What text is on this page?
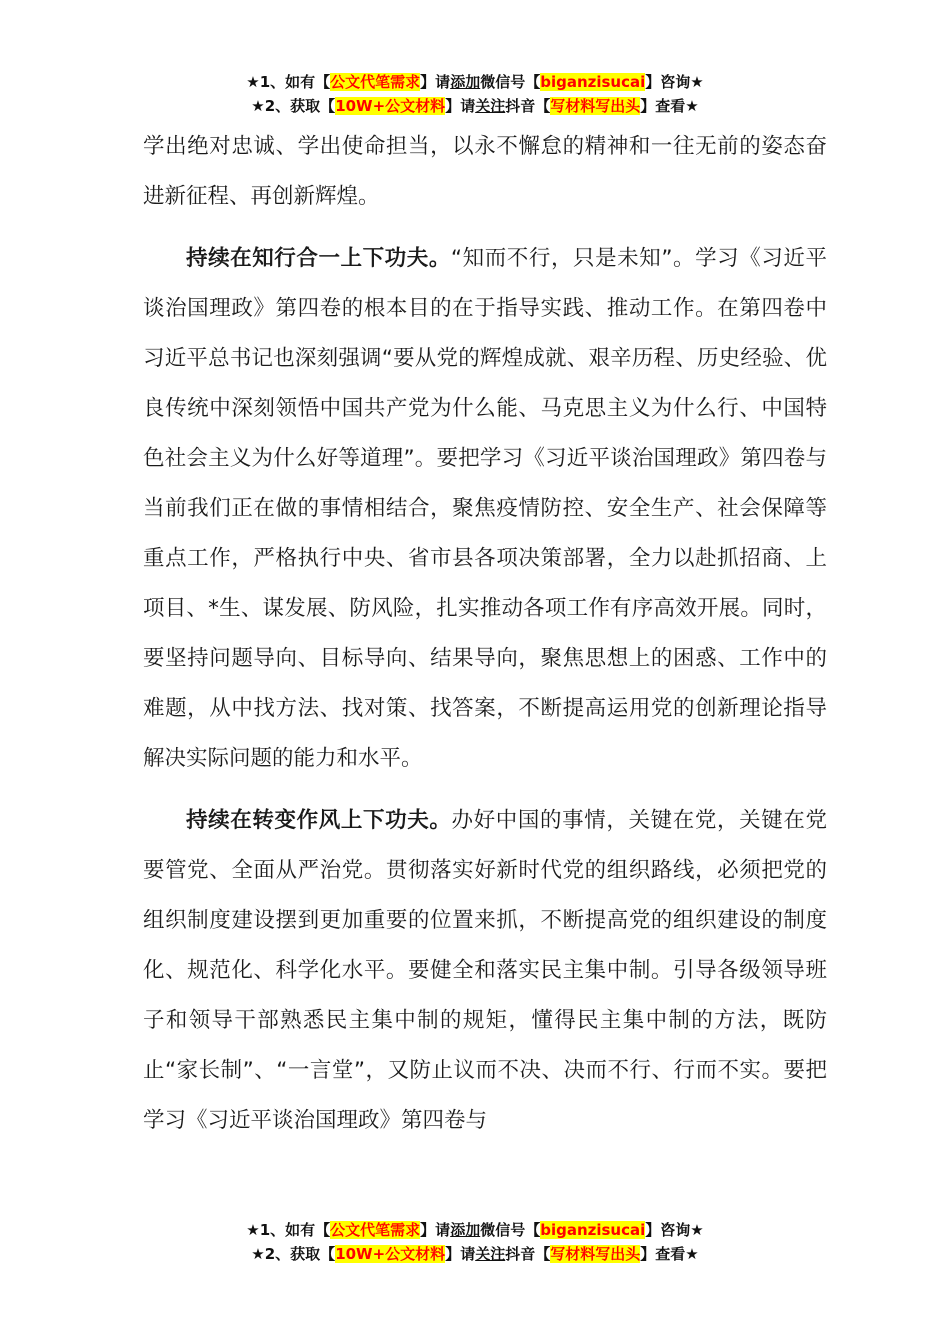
★1、如有【公文代笔需求】请添加微信号【biganzisucai】咨询★
★2、获取【10W+公文材料】请关注抖音【写材料写出头】查看★

学出绝对忠诚、学出使命担当，以永不懈怠的精神和一往无前的姿态奋进新征程、再创新辉煌。

持续在知行合一上下功夫。“知而不行，只是未知”。学习《习近平谈治国理政》第四卷的根本目的在于指导实践、推动工作。在第四卷中习近平总书记也深刻强调“要从党的辉煌成就、艰辛历程、历史经验、优良传统中深刻领悟中国共产党为什么能、马克思主义为什么行、中国特色社会主义为什么好等道理”。要把学习《习近平谈治国理政》第四卷与当前我们正在做的事情相结合，聚焦疫情防控、安全生产、社会保障等重点工作，严格执行中央、省市县各项决策部署，全力以赴抓招商、上项目、*生、谋发展、防风险，扎实推动各项工作有序高效开展。同时，要坚持问题导向、目标导向、结果导向，聚焦思想上的困惑、工作中的难题，从中找方法、找对策、找答案，不断提高运用党的创新理论指导解决实际问题的能力和水平。

持续在转变作风上下功夫。办好中国的事情，关键在党，关键在党要管党、全面从严治党。贯彻落实好新时代党的组织路线，必须把党的组织制度建设摆到更加重要的位置来抓，不断提高党的组织建设的制度化、规范化、科学化水平。要健全和落实民主集中制。引导各级领导班子和领导干部熟悉民主集中制的规矩，懂得民主集中制的方法，既防止“家长制”、“一言堂”，又防止议而不决、决而不行、行而不实。要把学习《习近平谈治国理政》第四卷与

★1、如有【公文代笔需求】请添加微信号【biganzisucai】咨询★
★2、获取【10W+公文材料】请关注抖音【写材料写出头】查看★
